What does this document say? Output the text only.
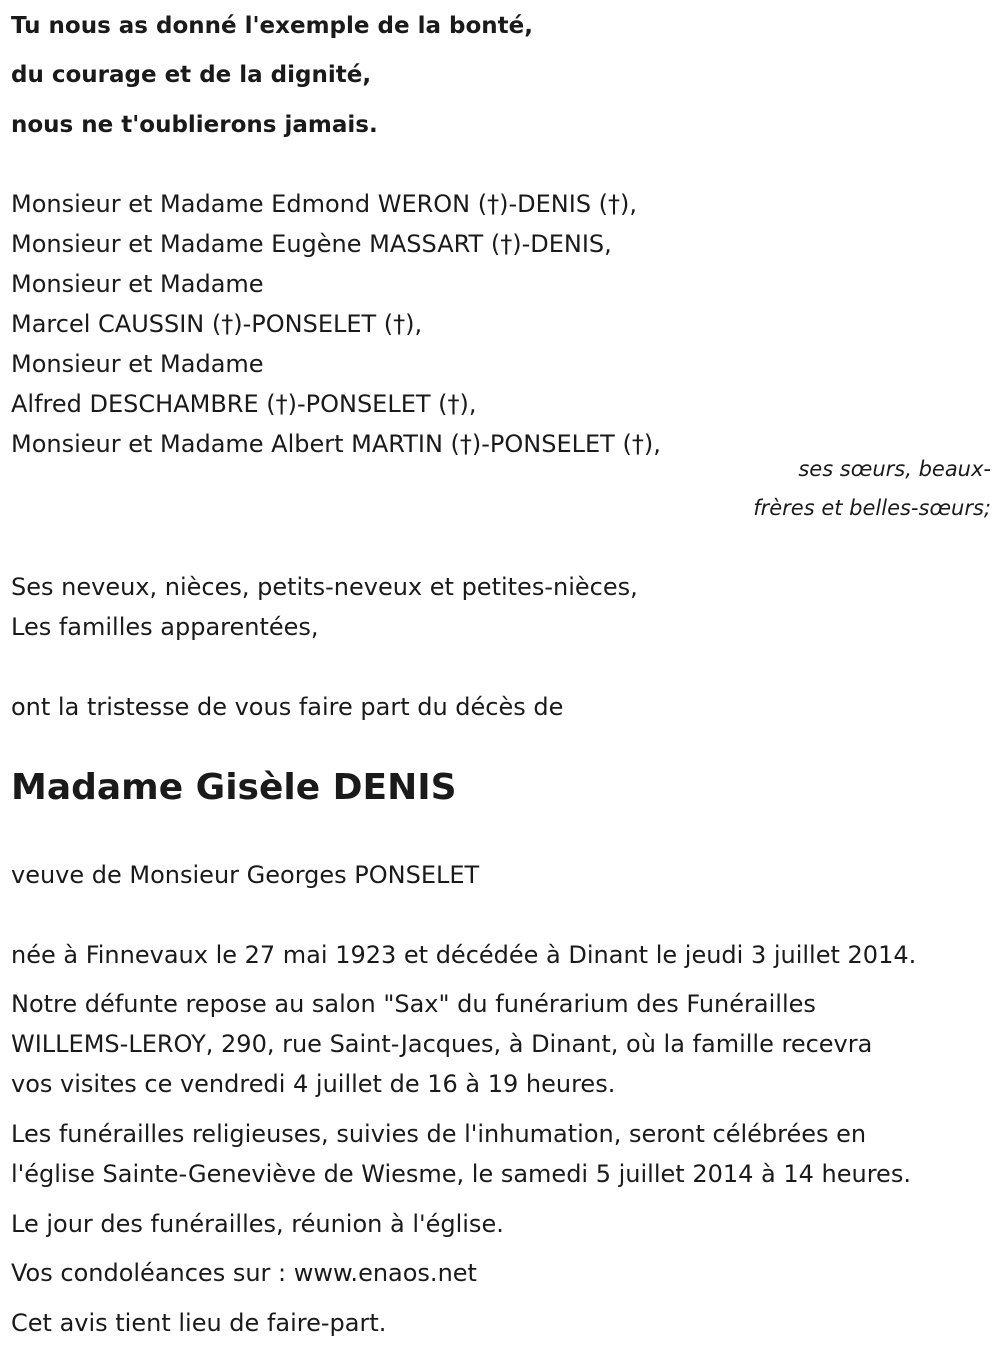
Tu nous as donné l'exemple de la bonté,
du courage et de la dignité,
nous ne t'oublierons jamais.
Monsieur et Madame Edmond WERON (†)-DENIS (†),
Monsieur et Madame Eugène MASSART (†)-DENIS,
Monsieur et Madame
Marcel CAUSSIN (†)-PONSELET (†),
Monsieur et Madame
Alfred DESCHAMBRE (†)-PONSELET (†),
Monsieur et Madame Albert MARTIN (†)-PONSELET (†),
ses sœurs, beaux-frères et belles-sœurs;
Ses neveux, nièces, petits-neveux et petites-nièces,
Les familles apparentées,
ont la tristesse de vous faire part du décès de
Madame Gisèle DENIS
veuve de Monsieur Georges PONSELET
née à Finnevaux le 27 mai 1923 et décédée à Dinant le jeudi 3 juillet 2014.
Notre défunte repose au salon "Sax" du funérarium des Funérailles
WILLEMS-LEROY, 290, rue Saint-Jacques, à Dinant, où la famille recevra
vos visites ce vendredi 4 juillet de 16 à 19 heures.
Les funérailles religieuses, suivies de l'inhumation, seront célébrées en
l'église Sainte-Geneviève de Wiesme, le samedi 5 juillet 2014 à 14 heures.
Le jour des funérailles, réunion à l'église.
Vos condoléances sur : www.enaos.net
Cet avis tient lieu de faire-part.
